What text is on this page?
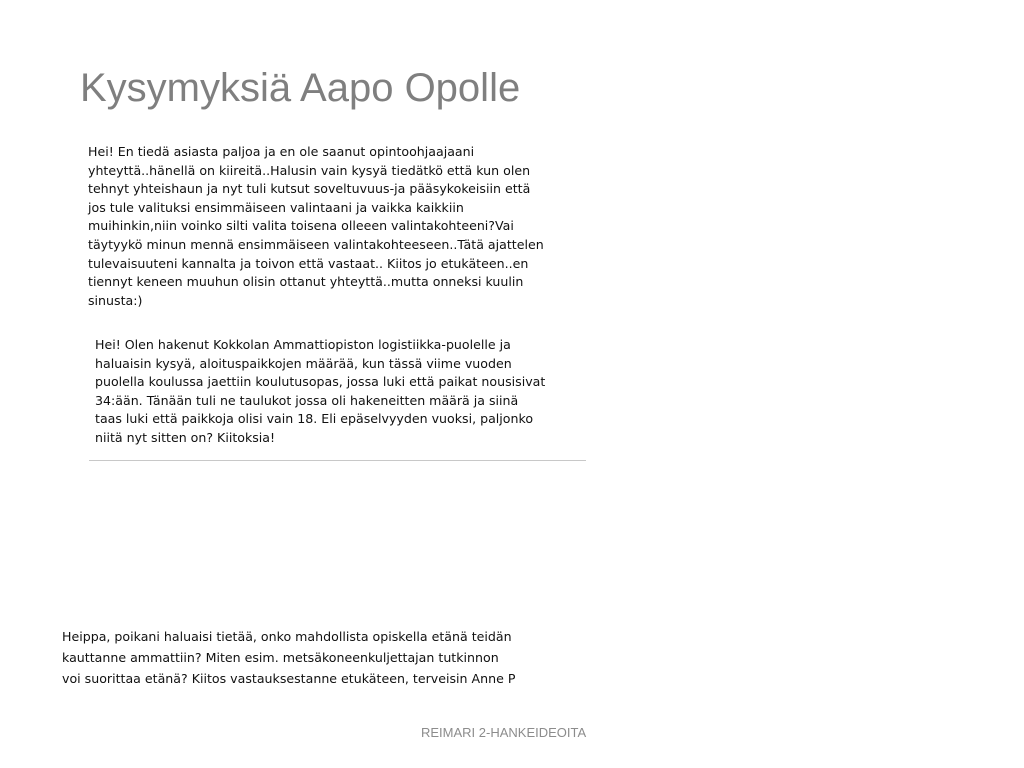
Kysymyksiä Aapo Opolle
Hei! En tiedä asiasta paljoa ja en ole saanut opintoohjaajaani
yhteyttä..hänellä on kiireitä..Halusin vain kysyä tiedätkö että kun olen
tehnyt yhteishaun ja nyt tuli kutsut soveltuvuus-ja pääsykokeisiin että
jos tule valituksi ensimmäiseen valintaani ja vaikka kaikkiin
muihinkin,niin voinko silti valita toisena olleeen valintakohteeni?Vai
täytyykö minun mennä ensimmäiseen valintakohteeseen..Tätä ajattelen
tulevaisuuteni kannalta ja toivon että vastaat.. Kiitos jo etukäteen..en
tiennyt keneen muuhun olisin ottanut yhteyttä..mutta onneksi kuulin
sinusta:)
Hei! Olen hakenut Kokkolan Ammattiopiston logistiikka-puolelle ja
haluaisin kysyä, aloituspaikkojen määrää, kun tässä viime vuoden
puolella koulussa jaettiin koulutusopas, jossa luki että paikat nousisivat
34:ään. Tänään tuli ne taulukot jossa oli hakeneitten määrä ja siinä
taas luki että paikkoja olisi vain 18. Eli epäselvyyden vuoksi, paljonko
niitä nyt sitten on? Kiitoksia!
Heippa, poikani haluaisi tietää, onko mahdollista opiskella etänä teidän
kauttanne ammattiin? Miten esim. metsäkoneenkuljettajan tutkinnon
voi suorittaa etänä? Kiitos vastauksestanne etukäteen, terveisin Anne P
REIMARI 2-HANKEIDEOITA
